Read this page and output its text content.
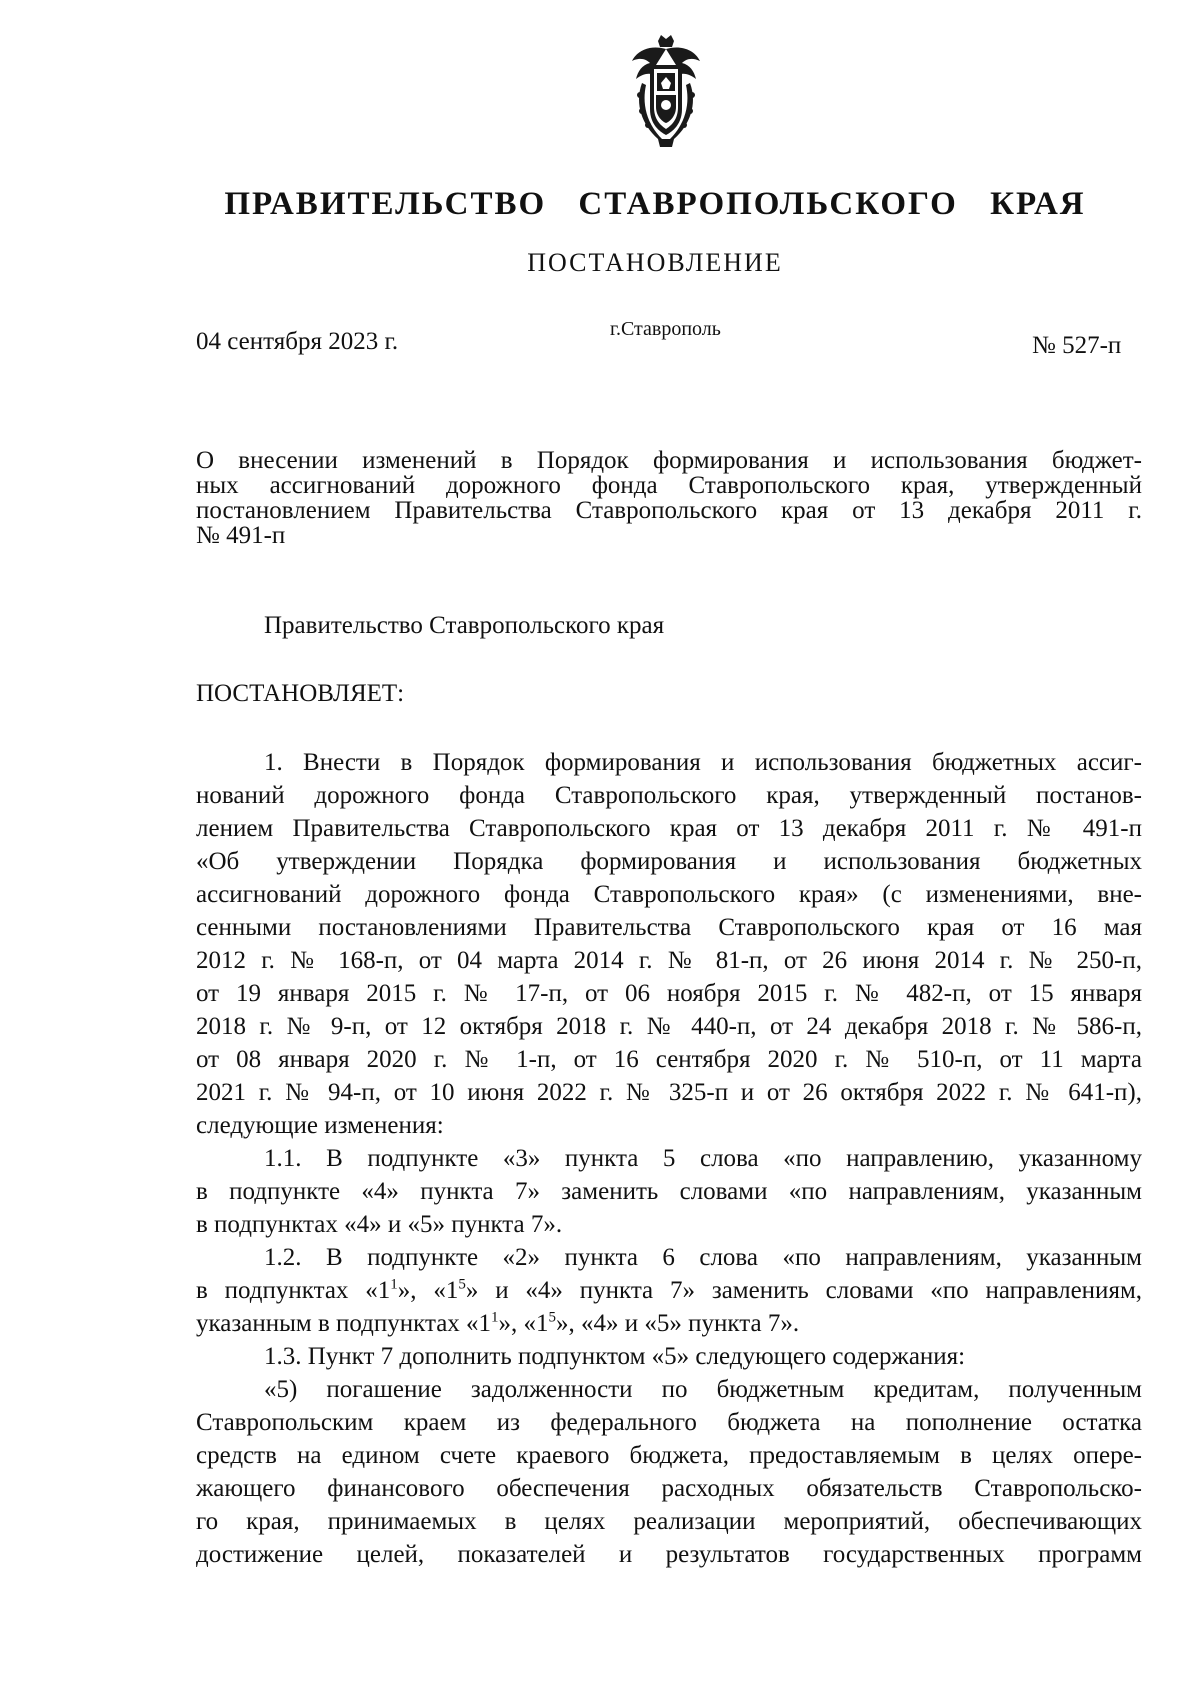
ПРАВИТЕЛЬСТВО СТАВРОПОЛЬСКОГО КРАЯ
ПОСТАНОВЛЕНИЕ
04 сентября 2023 г.	г.Ставрополь
№ 527-п
О внесении изменений в Порядок формирования и использования бюджет-
ных ассигнований дорожного фонда Ставропольского края, утвержденный
постановлением Правительства Ставропольского края от 13 декабря 2011 г.
№ 491-п
Правительство Ставропольского края
ПОСТАНОВЛЯЕТ:
1. Внести в Порядок формирования и использования бюджетных ассиг-
нований дорожного фонда Ставропольского края, утвержденный постанов-
лением Правительства Ставропольского края от 13 декабря 2011 г. № 491-п
«Об утверждении Порядка формирования и использования бюджетных
ассигнований дорожного фонда Ставропольского края» (с изменениями, вне-
сенными постановлениями Правительства Ставропольского края от 16 мая
2012 г. № 168-п, от 04 марта 2014 г. № 81-п, от 26 июня 2014 г. № 250-п,
от 19 января 2015 г. № 17-п, от 06 ноября 2015 г. № 482-п, от 15 января
2018 г. № 9-п, от 12 октября 2018 г. № 440-п, от 24 декабря 2018 г. № 586-п,
от 08 января 2020 г. № 1-п, от 16 сентября 2020 г. № 510-п, от 11 марта
2021 г. № 94-п, от 10 июня 2022 г. № 325-п и от 26 октября 2022 г. № 641-п),
следующие изменения:
1.1. В подпункте «3» пункта 5 слова «по направлению, указанному
в подпункте «4» пункта 7» заменить словами «по направлениям, указанным
в подпунктах «4» и «5» пункта 7».
1.2. В подпункте «2» пункта 6 слова «по направлениям, указанным
в подпунктах «$1^1$», «$1^5$» и «4» пункта 7» заменить словами «по направлениям,
указанным в подпунктах «$1^1$», «$1^5$», «4» и «5» пункта 7».
1.3. Пункт 7 дополнить подпунктом «5» следующего содержания:
«5) погашение задолженности по бюджетным кредитам, полученным
Ставропольским краем из федерального бюджета на пополнение остатка
средств на едином счете краевого бюджета, предоставляемым в целях опере-
жающего финансового обеспечения расходных обязательств Ставропольско-
го края, принимаемых в целях реализации мероприятий, обеспечивающих
достижение целей, показателей и результатов государственных программ
